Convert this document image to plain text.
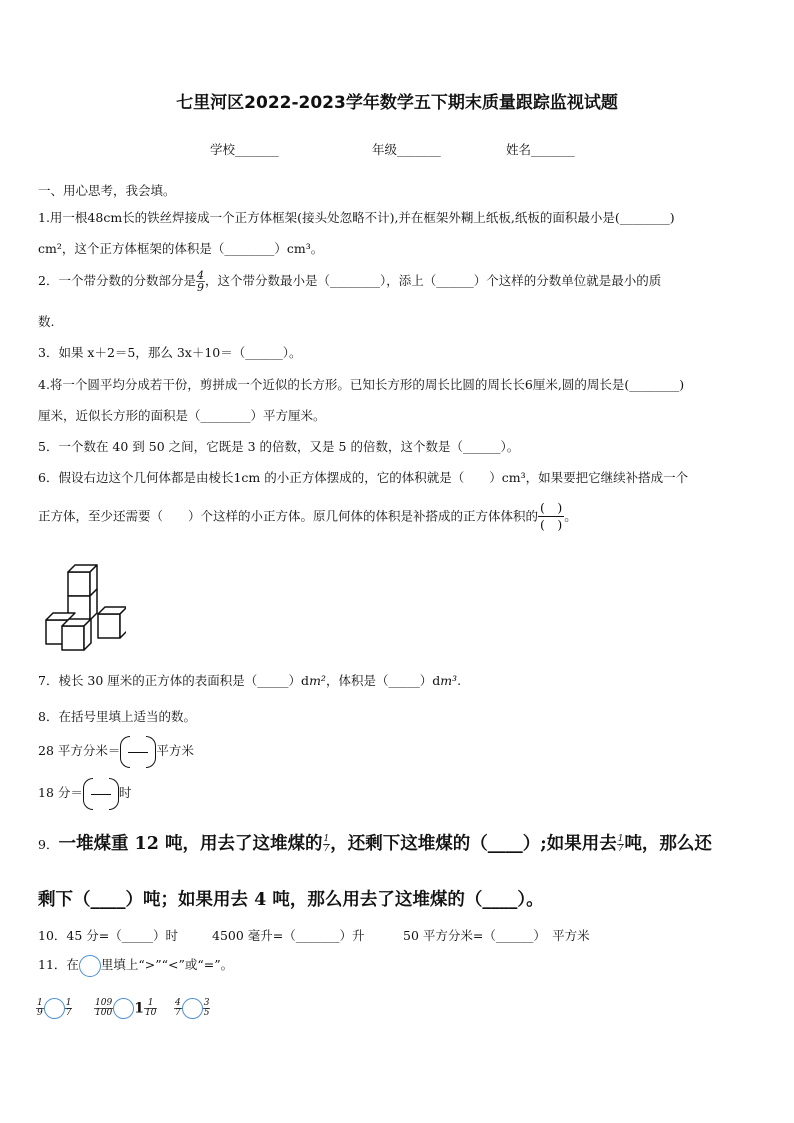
七里河区2022-2023学年数学五下期末质量跟踪监视试题
学校_______	年级_______	姓名_______
一、用心思考，我会填。
1.用一根48cm长的铁丝焊接成一个正方体框架(接头处忽略不计),并在框架外糊上纸板,纸板的面积最小是(________)
cm²，这个正方体框架的体积是（________）cm³。
2．一个带分数的分数部分是 $\frac{4}{9}$ ，这个带分数最小是（________），添上（______）个这样的分数单位就是最小的质
数.
3．如果 x＋2＝5，那么 3x＋10＝（______）。
4.将一个圆平均分成若干份，剪拼成一个近似的长方形。已知长方形的周长比圆的周长长6厘米,圆的周长是(________)
厘米，近似长方形的面积是（________）平方厘米。
5．一个数在 40 到 50 之间，它既是 3 的倍数，又是 5 的倍数，这个数是（______）。
6．假设右边这个几何体都是由棱长1cm 的小正方体摆成的，它的体积就是（　　）cm³，如果要把它继续补搭成一个
正方体，至少还需要（　　）个这样的小正方体。原几何体的体积是补搭成的正方体体积的 $\frac{( )}{( )}$ 。
7．棱长 30 厘米的正方体的表面积是（_____）dm²，体积是（_____）dm³.
8．在括号里填上适当的数。
28 平方分米＝	平方米
18 分＝	时
9．一堆煤重 12 吨，用去了这堆煤的 $\frac{1}{7}$ ，还剩下这堆煤的（____）;如果用去 $\frac{1}{7}$ 吨，那么还
剩下（____）吨；如果用去 4 吨，那么用去了这堆煤的（____）。
10．45 分=（_____）时	4500 毫升=（_______）升	50 平方分米=（______）　平方米
11．在 里填上“>”“<”或“=”。
$\frac{1}{9} \frac{1}{7} \frac{109}{100} 1 \frac{1}{10} \frac{4}{7} \frac{3}{5}$
